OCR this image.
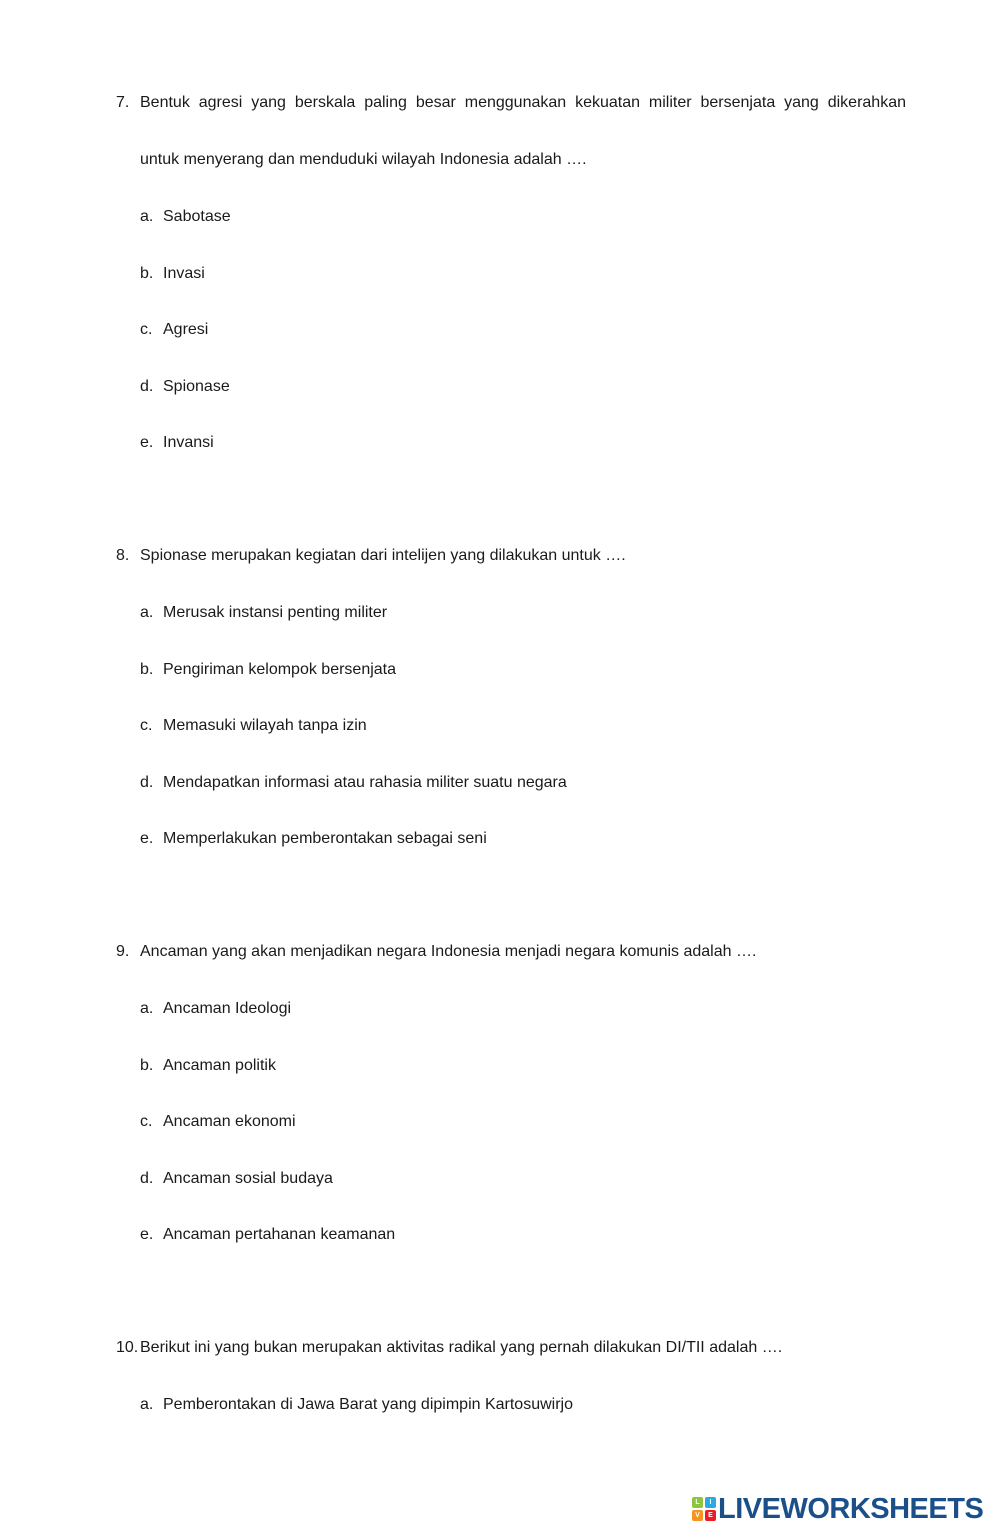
7. Bentuk agresi yang berskala paling besar menggunakan kekuatan militer bersenjata yang dikerahkan
untuk menyerang dan menduduki wilayah Indonesia adalah ….
a. Sabotase
b. Invasi
c. Agresi
d. Spionase
e. Invansi
8. Spionase merupakan kegiatan dari intelijen yang dilakukan untuk ….
a. Merusak instansi penting militer
b. Pengiriman kelompok bersenjata
c. Memasuki wilayah tanpa izin
d. Mendapatkan informasi atau rahasia militer suatu negara
e. Memperlakukan pemberontakan sebagai seni
9. Ancaman yang akan menjadikan negara Indonesia menjadi negara komunis adalah ….
a. Ancaman Ideologi
b. Ancaman politik
c. Ancaman ekonomi
d. Ancaman sosial budaya
e. Ancaman pertahanan keamanan
10. Berikut ini yang bukan merupakan aktivitas radikal yang pernah dilakukan DI/TII adalah ….
a. Pemberontakan di Jawa Barat yang dipimpin Kartosuwirjo
L	I
V	E LIVEWORKSHEETS
